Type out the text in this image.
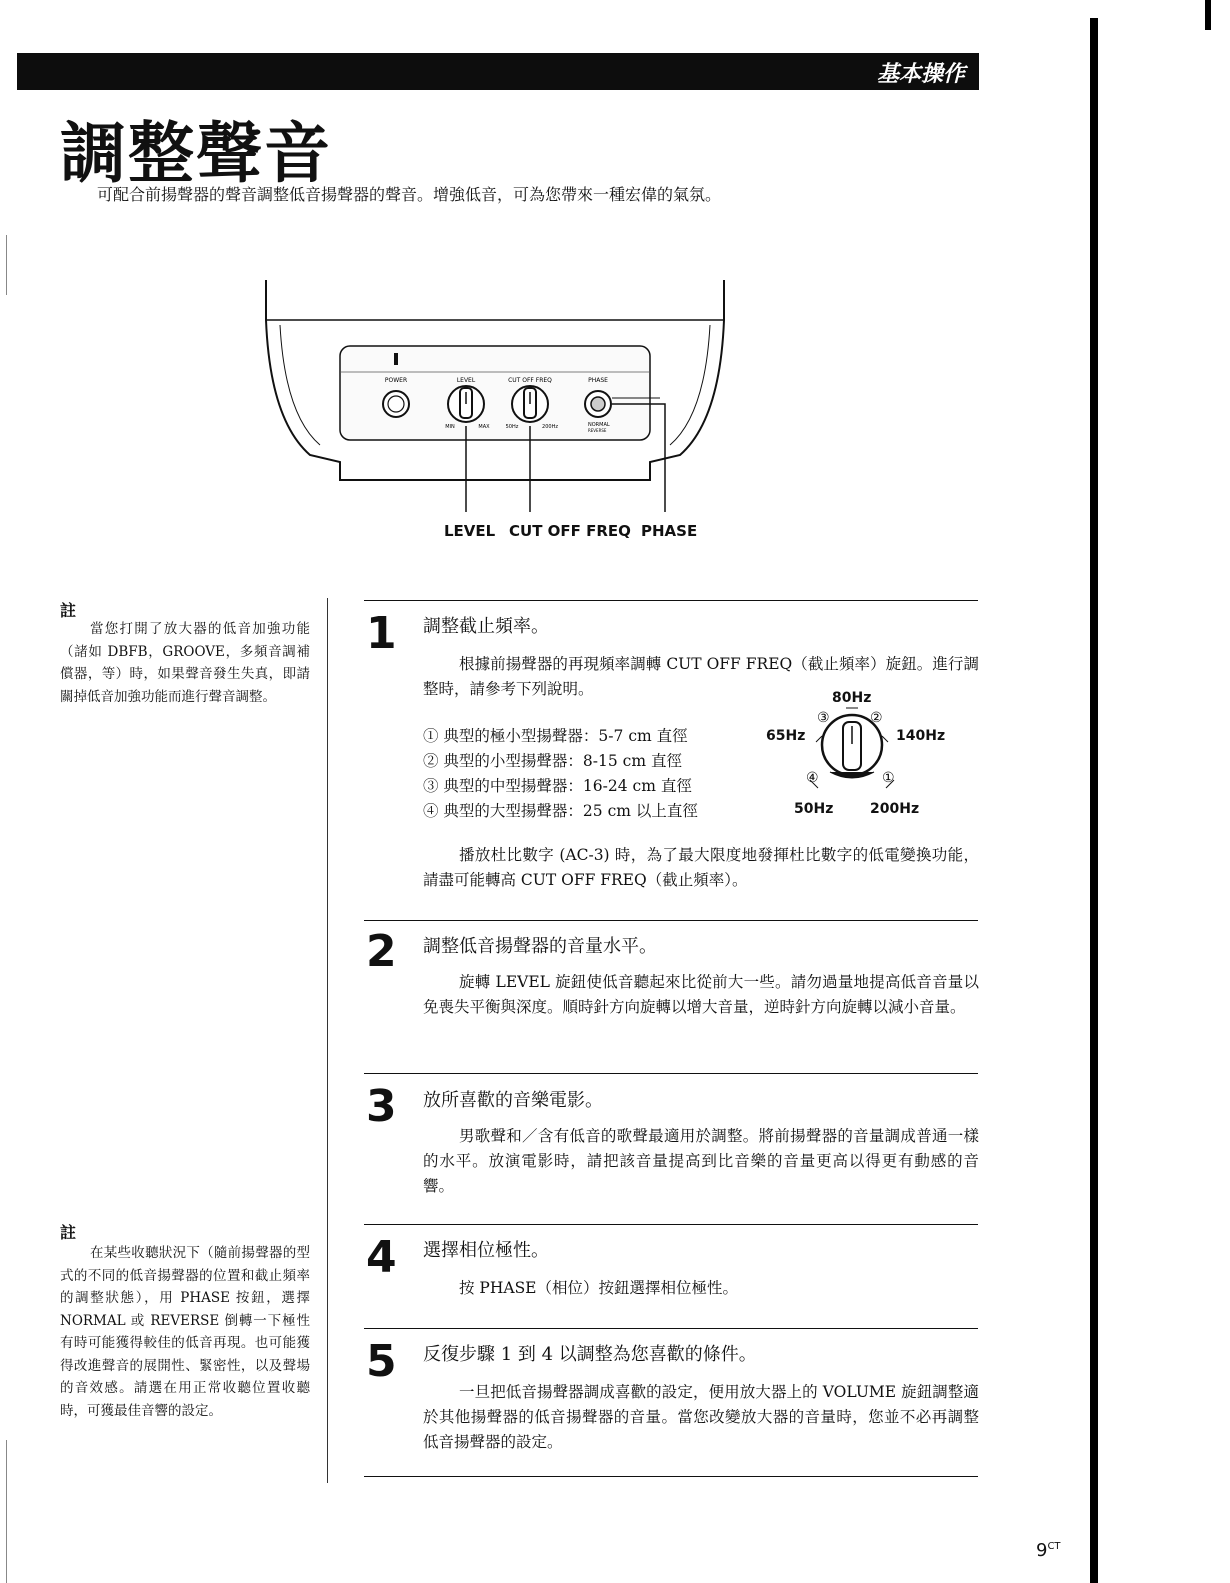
基本操作
調整聲音
可配合前揚聲器的聲音調整低音揚聲器的聲音。增強低音，可為您帶來一種宏偉的氣氛。
POWER	LEVEL	CUT OFF FREQ	PHASE
MIN	MAX	50Hz	200Hz	NORMAL
REVERSE
LEVEL CUT OFF FREQ PHASE
註
當您打開了放大器的低音加強功能（諸如 DBFB，GROOVE，多頻音調補償器，等）時，如果聲音發生失真，即請關掉低音加強功能而進行聲音調整。
註
在某些收聽狀況下（隨前揚聲器的型式的不同的低音揚聲器的位置和截止頻率的調整狀態），用 PHASE 按鈕，選擇 NORMAL 或 REVERSE 倒轉一下極性有時可能獲得較佳的低音再現。也可能獲得改進聲音的展開性、緊密性，以及聲場的音效感。請選在用正常收聽位置收聽時，可獲最佳音響的設定。
1 調整截止頻率。
根據前揚聲器的再現頻率調轉 CUT OFF FREQ（截止頻率）旋鈕。進行調整時，請參考下列說明。
① 典型的極小型揚聲器：5-7 cm 直徑
② 典型的小型揚聲器：8-15 cm 直徑
③ 典型的中型揚聲器：16-24 cm 直徑
④ 典型的大型揚聲器：25 cm 以上直徑
80Hz
65Hz	140Hz
50Hz	200Hz
③	②
④	①
播放杜比數字 (AC-3) 時，為了最大限度地發揮杜比數字的低電變換功能，請盡可能轉高 CUT OFF FREQ（截止頻率）。
2 調整低音揚聲器的音量水平。
旋轉 LEVEL 旋鈕使低音聽起來比從前大一些。請勿過量地提高低音音量以免喪失平衡與深度。順時針方向旋轉以增大音量，逆時針方向旋轉以減小音量。
3 放所喜歡的音樂電影。
男歌聲和／含有低音的歌聲最適用於調整。將前揚聲器的音量調成普通一樣的水平。放演電影時，請把該音量提高到比音樂的音量更高以得更有動感的音響。
4 選擇相位極性。
按 PHASE（相位）按鈕選擇相位極性。
5 反復步驟 1 到 4 以調整為您喜歡的條件。
一旦把低音揚聲器調成喜歡的設定，便用放大器上的 VOLUME 旋鈕調整適於其他揚聲器的低音揚聲器的音量。當您改變放大器的音量時，您並不必再調整低音揚聲器的設定。
$9^{CT}$
